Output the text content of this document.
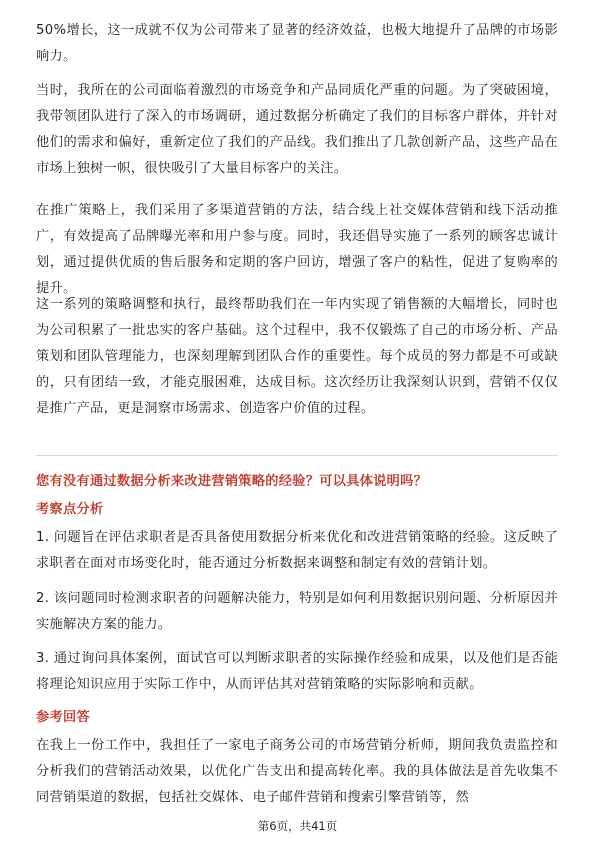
50%增长，这一成就不仅为公司带来了显著的经济效益，也极大地提升了品牌的市场影响力。

当时，我所在的公司面临着激烈的市场竞争和产品同质化严重的问题。为了突破困境，我带领团队进行了深入的市场调研，通过数据分析确定了我们的目标客户群体，并针对他们的需求和偏好，重新定位了我们的产品线。我们推出了几款创新产品，这些产品在市场上独树一帜，很快吸引了大量目标客户的关注。

在推广策略上，我们采用了多渠道营销的方法，结合线上社交媒体营销和线下活动推广，有效提高了品牌曝光率和用户参与度。同时，我还倡导实施了一系列的顾客忠诚计划，通过提供优质的售后服务和定期的客户回访，增强了客户的粘性，促进了复购率的提升。

这一系列的策略调整和执行，最终帮助我们在一年内实现了销售额的大幅增长，同时也为公司积累了一批忠实的客户基础。这个过程中，我不仅锻炼了自己的市场分析、产品策划和团队管理能力，也深刻理解到团队合作的重要性。每个成员的努力都是不可或缺的，只有团结一致，才能克服困难，达成目标。这次经历让我深刻认识到，营销不仅仅是推广产品，更是洞察市场需求、创造客户价值的过程。

您有没有通过数据分析来改进营销策略的经验？可以具体说明吗？
考察点分析

1. 问题旨在评估求职者是否具备使用数据分析来优化和改进营销策略的经验。这反映了求职者在面对市场变化时，能否通过分析数据来调整和制定有效的营销计划。

2. 该问题同时检测求职者的问题解决能力，特别是如何利用数据识别问题、分析原因并实施解决方案的能力。

3. 通过询问具体案例，面试官可以判断求职者的实际操作经验和成果，以及他们是否能将理论知识应用于实际工作中，从而评估其对营销策略的实际影响和贡献。

参考回答

在我上一份工作中，我担任了一家电子商务公司的市场营销分析师，期间我负责监控和分析我们的营销活动效果，以优化广告支出和提高转化率。我的具体做法是首先收集不同营销渠道的数据，包括社交媒体、电子邮件营销和搜索引擎营销等，然

第6页，共41页
